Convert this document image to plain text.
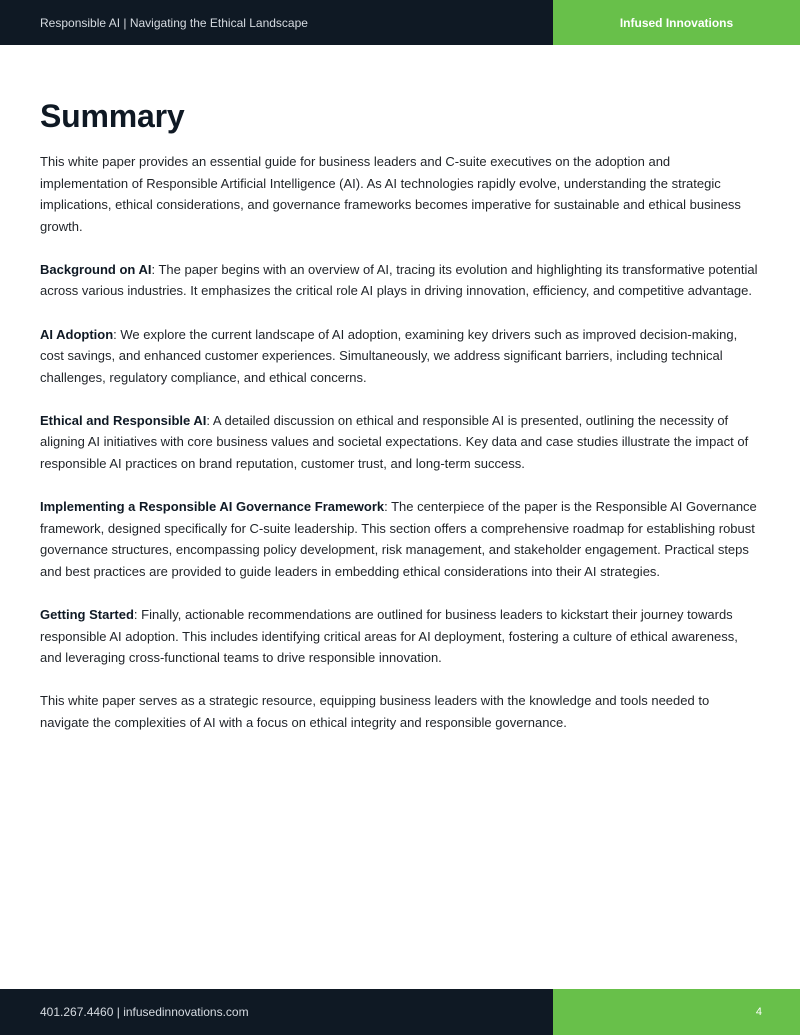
Responsible AI | Navigating the Ethical Landscape	Infused Innovations
Summary

This white paper provides an essential guide for business leaders and C-suite executives on the adoption and implementation of Responsible Artificial Intelligence (AI). As AI technologies rapidly evolve, understanding the strategic implications, ethical considerations, and governance frameworks becomes imperative for sustainable and ethical business growth.

Background on AI: The paper begins with an overview of AI, tracing its evolution and highlighting its transformative potential across various industries. It emphasizes the critical role AI plays in driving innovation, efficiency, and competitive advantage.

AI Adoption: We explore the current landscape of AI adoption, examining key drivers such as improved decision-making, cost savings, and enhanced customer experiences. Simultaneously, we address significant barriers, including technical challenges, regulatory compliance, and ethical concerns.

Ethical and Responsible AI: A detailed discussion on ethical and responsible AI is presented, outlining the necessity of aligning AI initiatives with core business values and societal expectations. Key data and case studies illustrate the impact of responsible AI practices on brand reputation, customer trust, and long-term success.

Implementing a Responsible AI Governance Framework: The centerpiece of the paper is the Responsible AI Governance framework, designed specifically for C-suite leadership. This section offers a comprehensive roadmap for establishing robust governance structures, encompassing policy development, risk management, and stakeholder engagement. Practical steps and best practices are provided to guide leaders in embedding ethical considerations into their AI strategies.

Getting Started: Finally, actionable recommendations are outlined for business leaders to kickstart their journey towards responsible AI adoption. This includes identifying critical areas for AI deployment, fostering a culture of ethical awareness, and leveraging cross-functional teams to drive responsible innovation.

This white paper serves as a strategic resource, equipping business leaders with the knowledge and tools needed to navigate the complexities of AI with a focus on ethical integrity and responsible governance.

401.267.4460 | infusedinnovations.com	4
